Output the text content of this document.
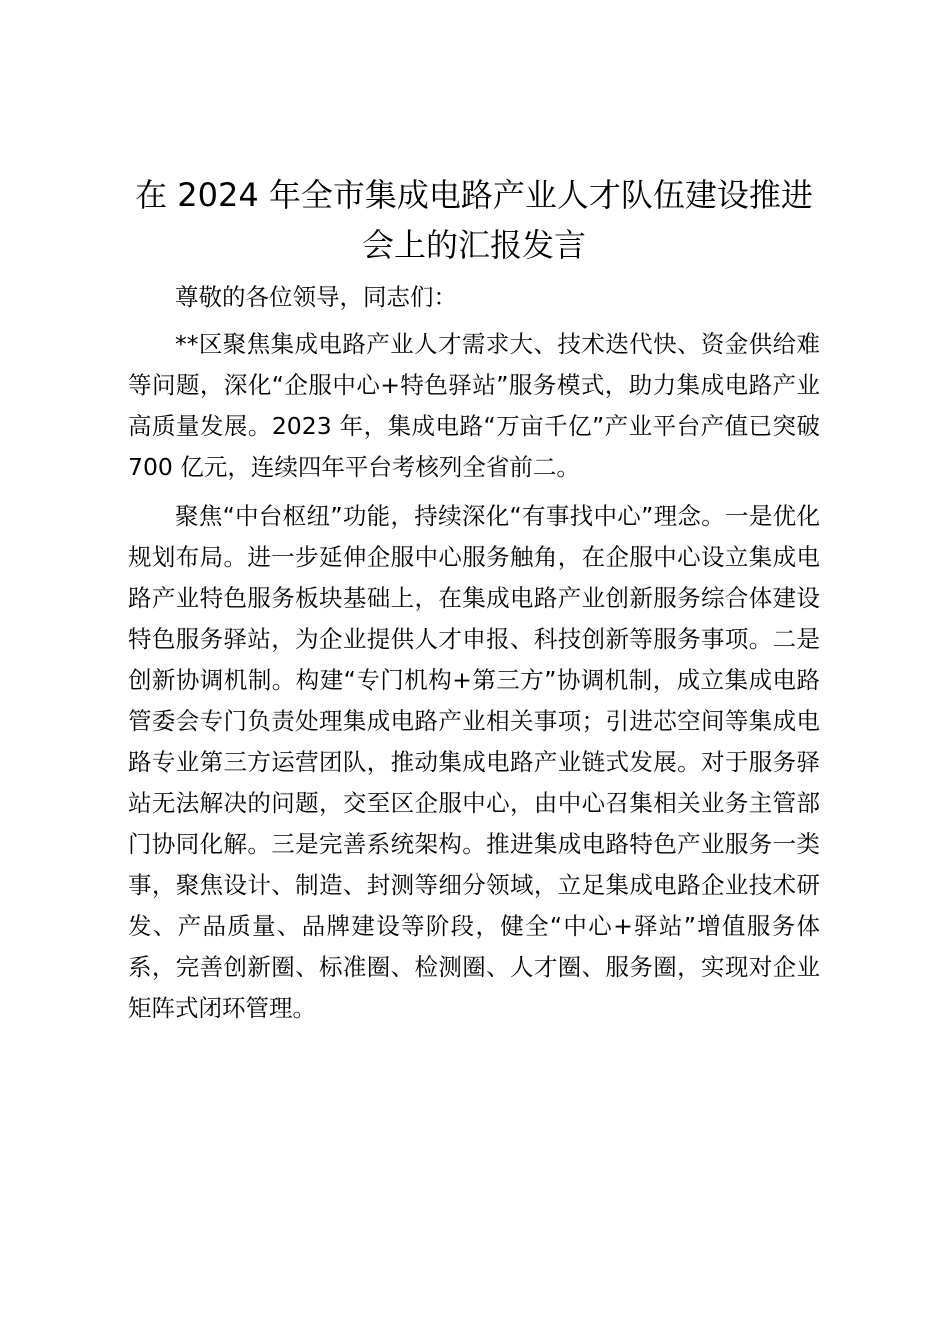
在 2024 年全市集成电路产业人才队伍建设推进会上的汇报发言

尊敬的各位领导，同志们：

**区聚焦集成电路产业人才需求大、技术迭代快、资金供给难等问题，深化“企服中心+特色驿站”服务模式，助力集成电路产业高质量发展。2023 年，集成电路“万亩千亿”产业平台产值已突破 700 亿元，连续四年平台考核列全省前二。

聚焦“中台枢纽”功能，持续深化“有事找中心”理念。一是优化规划布局。进一步延伸企服中心服务触角，在企服中心设立集成电路产业特色服务板块基础上，在集成电路产业创新服务综合体建设特色服务驿站，为企业提供人才申报、科技创新等服务事项。二是创新协调机制。构建“专门机构+第三方”协调机制，成立集成电路管委会专门负责处理集成电路产业相关事项；引进芯空间等集成电路专业第三方运营团队，推动集成电路产业链式发展。对于服务驿站无法解决的问题，交至区企服中心，由中心召集相关业务主管部门协同化解。三是完善系统架构。推进集成电路特色产业服务一类事，聚焦设计、制造、封测等细分领域，立足集成电路企业技术研发、产品质量、品牌建设等阶段，健全“中心+驿站”增值服务体系，完善创新圈、标准圈、检测圈、人才圈、服务圈，实现对企业矩阵式闭环管理。
